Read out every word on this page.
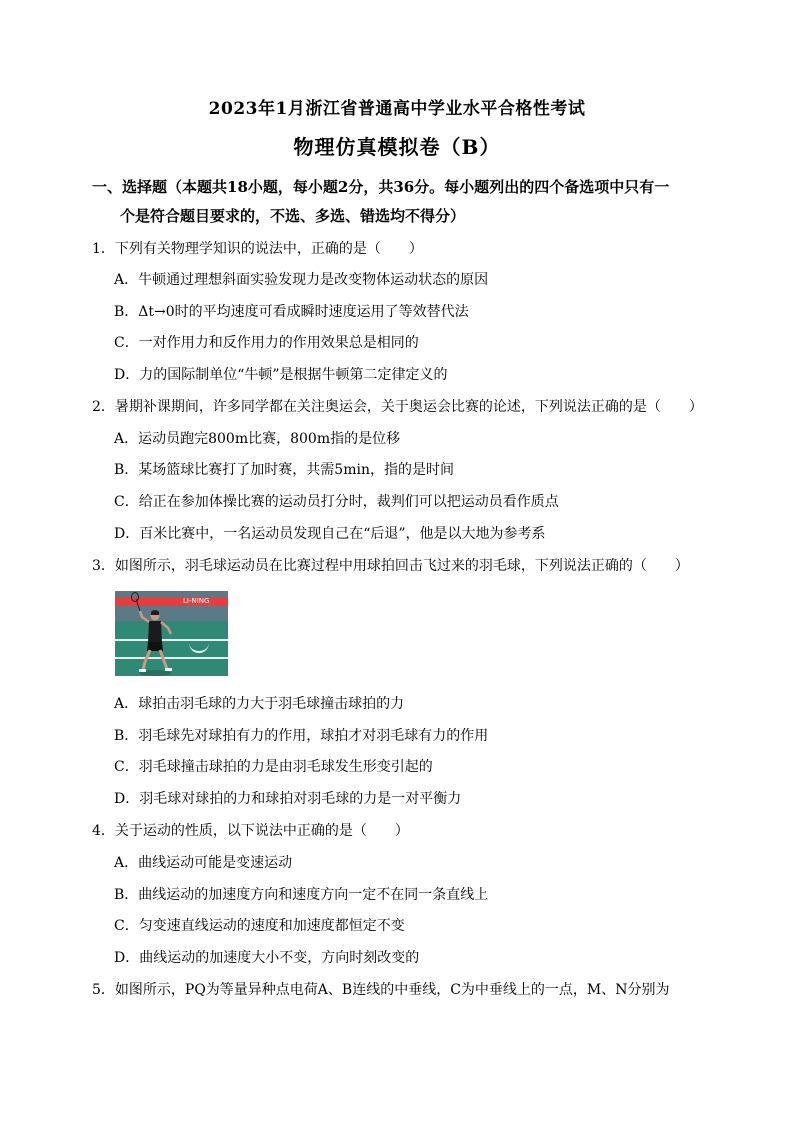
2023年1月浙江省普通高中学业水平合格性考试
物理仿真模拟卷（B）
一、选择题（本题共18小题，每小题2分，共36分。每小题列出的四个备选项中只有一
个是符合题目要求的，不选、多选、错选均不得分）
1．下列有关物理学知识的说法中，正确的是（　　）
A．牛顿通过理想斜面实验发现力是改变物体运动状态的原因
B．Δt→0时的平均速度可看成瞬时速度运用了等效替代法
C．一对作用力和反作用力的作用效果总是相同的
D．力的国际制单位“牛顿”是根据牛顿第二定律定义的
2．暑期补课期间，许多同学都在关注奥运会，关于奥运会比赛的论述，下列说法正确的是（　　）
A．运动员跑完800m比赛，800m指的是位移
B．某场篮球比赛打了加时赛，共需5min，指的是时间
C．给正在参加体操比赛的运动员打分时，裁判们可以把运动员看作质点
D．百米比赛中，一名运动员发现自己在“后退”，他是以大地为参考系
3．如图所示，羽毛球运动员在比赛过程中用球拍回击飞过来的羽毛球，下列说法正确的（　　）
LI-NING
A．球拍击羽毛球的力大于羽毛球撞击球拍的力
B．羽毛球先对球拍有力的作用，球拍才对羽毛球有力的作用
C．羽毛球撞击球拍的力是由羽毛球发生形变引起的
D．羽毛球对球拍的力和球拍对羽毛球的力是一对平衡力
4．关于运动的性质，以下说法中正确的是（　　）
A．曲线运动可能是变速运动
B．曲线运动的加速度方向和速度方向一定不在同一条直线上
C．匀变速直线运动的速度和加速度都恒定不变
D．曲线运动的加速度大小不变，方向时刻改变的
5．如图所示，PQ为等量异种点电荷A、B连线的中垂线，C为中垂线上的一点，M、N分别为
